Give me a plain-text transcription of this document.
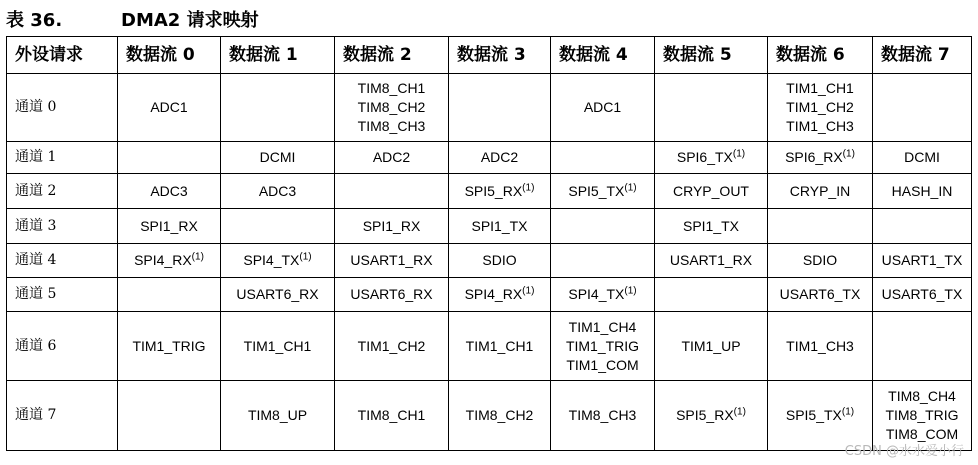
表 36.	DMA2 请求映射
外设请求	数据流 0	数据流 1	数据流 2	数据流 3	数据流 4	数据流 5	数据流 6	数据流 7
通道 0	ADC1		TIM8_CH1
TIM8_CH2
TIM8_CH3		ADC1		TIM1_CH1
TIM1_CH2
TIM1_CH3	

通道 1		DCMI	ADC2	ADC2		SPI6_TX$^{(1)}$	SPI6_RX$^{(1)}$	DCMI

通道 2	ADC3	ADC3		SPI5_RX$^{(1)}$	SPI5_TX$^{(1)}$	CRYP_OUT	CRYP_IN	HASH_IN

通道 3	SPI1_RX		SPI1_RX	SPI1_TX		SPI1_TX		

通道 4	SPI4_RX$^{(1)}$	SPI4_TX$^{(1)}$	USART1_RX	SDIO		USART1_RX	SDIO	USART1_TX

通道 5		USART6_RX	USART6_RX	SPI4_RX$^{(1)}$	SPI4_TX$^{(1)}$		USART6_TX	USART6_TX

通道 6	TIM1_TRIG	TIM1_CH1	TIM1_CH2	TIM1_CH1	TIM1_CH4
TIM1_TRIG
TIM1_COM	TIM1_UP	TIM1_CH3	

通道 7		TIM8_UP	TIM8_CH1	TIM8_CH2	TIM8_CH3	SPI5_RX$^{(1)}$	SPI5_TX$^{(1)}$	TIM8_CH4
TIM8_TRIG
TIM8_COM
CSDN @水水爱小行
